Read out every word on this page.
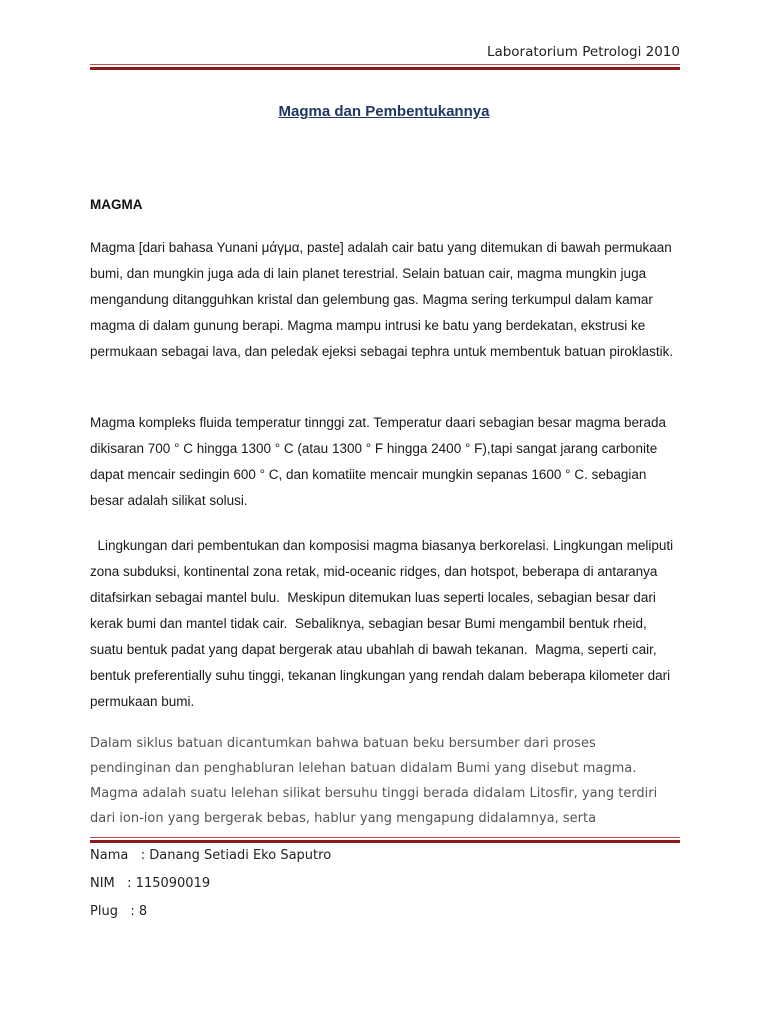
Laboratorium Petrologi 2010
Magma dan Pembentukannya
MAGMA

Magma [dari bahasa Yunani μάγμα, paste] adalah cair batu yang ditemukan di bawah permukaan bumi, dan mungkin juga ada di lain planet terestrial. Selain batuan cair, magma mungkin juga mengandung ditangguhkan kristal dan gelembung gas. Magma sering terkumpul dalam kamar magma di dalam gunung berapi. Magma mampu intrusi ke batu yang berdekatan, ekstrusi ke permukaan sebagai lava, dan peledak ejeksi sebagai tephra untuk membentuk batuan piroklastik.

Magma kompleks fluida temperatur tinnggi zat. Temperatur daari sebagian besar magma berada dikisaran 700 ° C hingga 1300 ° C (atau 1300 ° F hingga 2400 ° F),tapi sangat jarang carbonite dapat mencair sedingin 600 ° C, dan komatiite mencair mungkin sepanas 1600 ° C. sebagian besar adalah silikat solusi.

Lingkungan dari pembentukan dan komposisi magma biasanya berkorelasi. Lingkungan meliputi zona subduksi, kontinental zona retak, mid-oceanic ridges, dan hotspot, beberapa di antaranya ditafsirkan sebagai mantel bulu.  Meskipun ditemukan luas seperti locales, sebagian besar dari kerak bumi dan mantel tidak cair.  Sebaliknya, sebagian besar Bumi mengambil bentuk rheid, suatu bentuk padat yang dapat bergerak atau ubahlah di bawah tekanan.  Magma, seperti cair, bentuk preferentially suhu tinggi, tekanan lingkungan yang rendah dalam beberapa kilometer dari permukaan bumi.

Dalam siklus batuan dicantumkan bahwa batuan beku bersumber dari proses pendinginan dan penghabluran lelehan batuan didalam Bumi yang disebut magma. Magma adalah suatu lelehan silikat bersuhu tinggi berada didalam Litosfir, yang terdiri dari ion-ion yang bergerak bebas, hablur yang mengapung didalamnya, serta

Nama   : Danang Setiadi Eko Saputro
NIM   : 115090019
Plug   : 8
